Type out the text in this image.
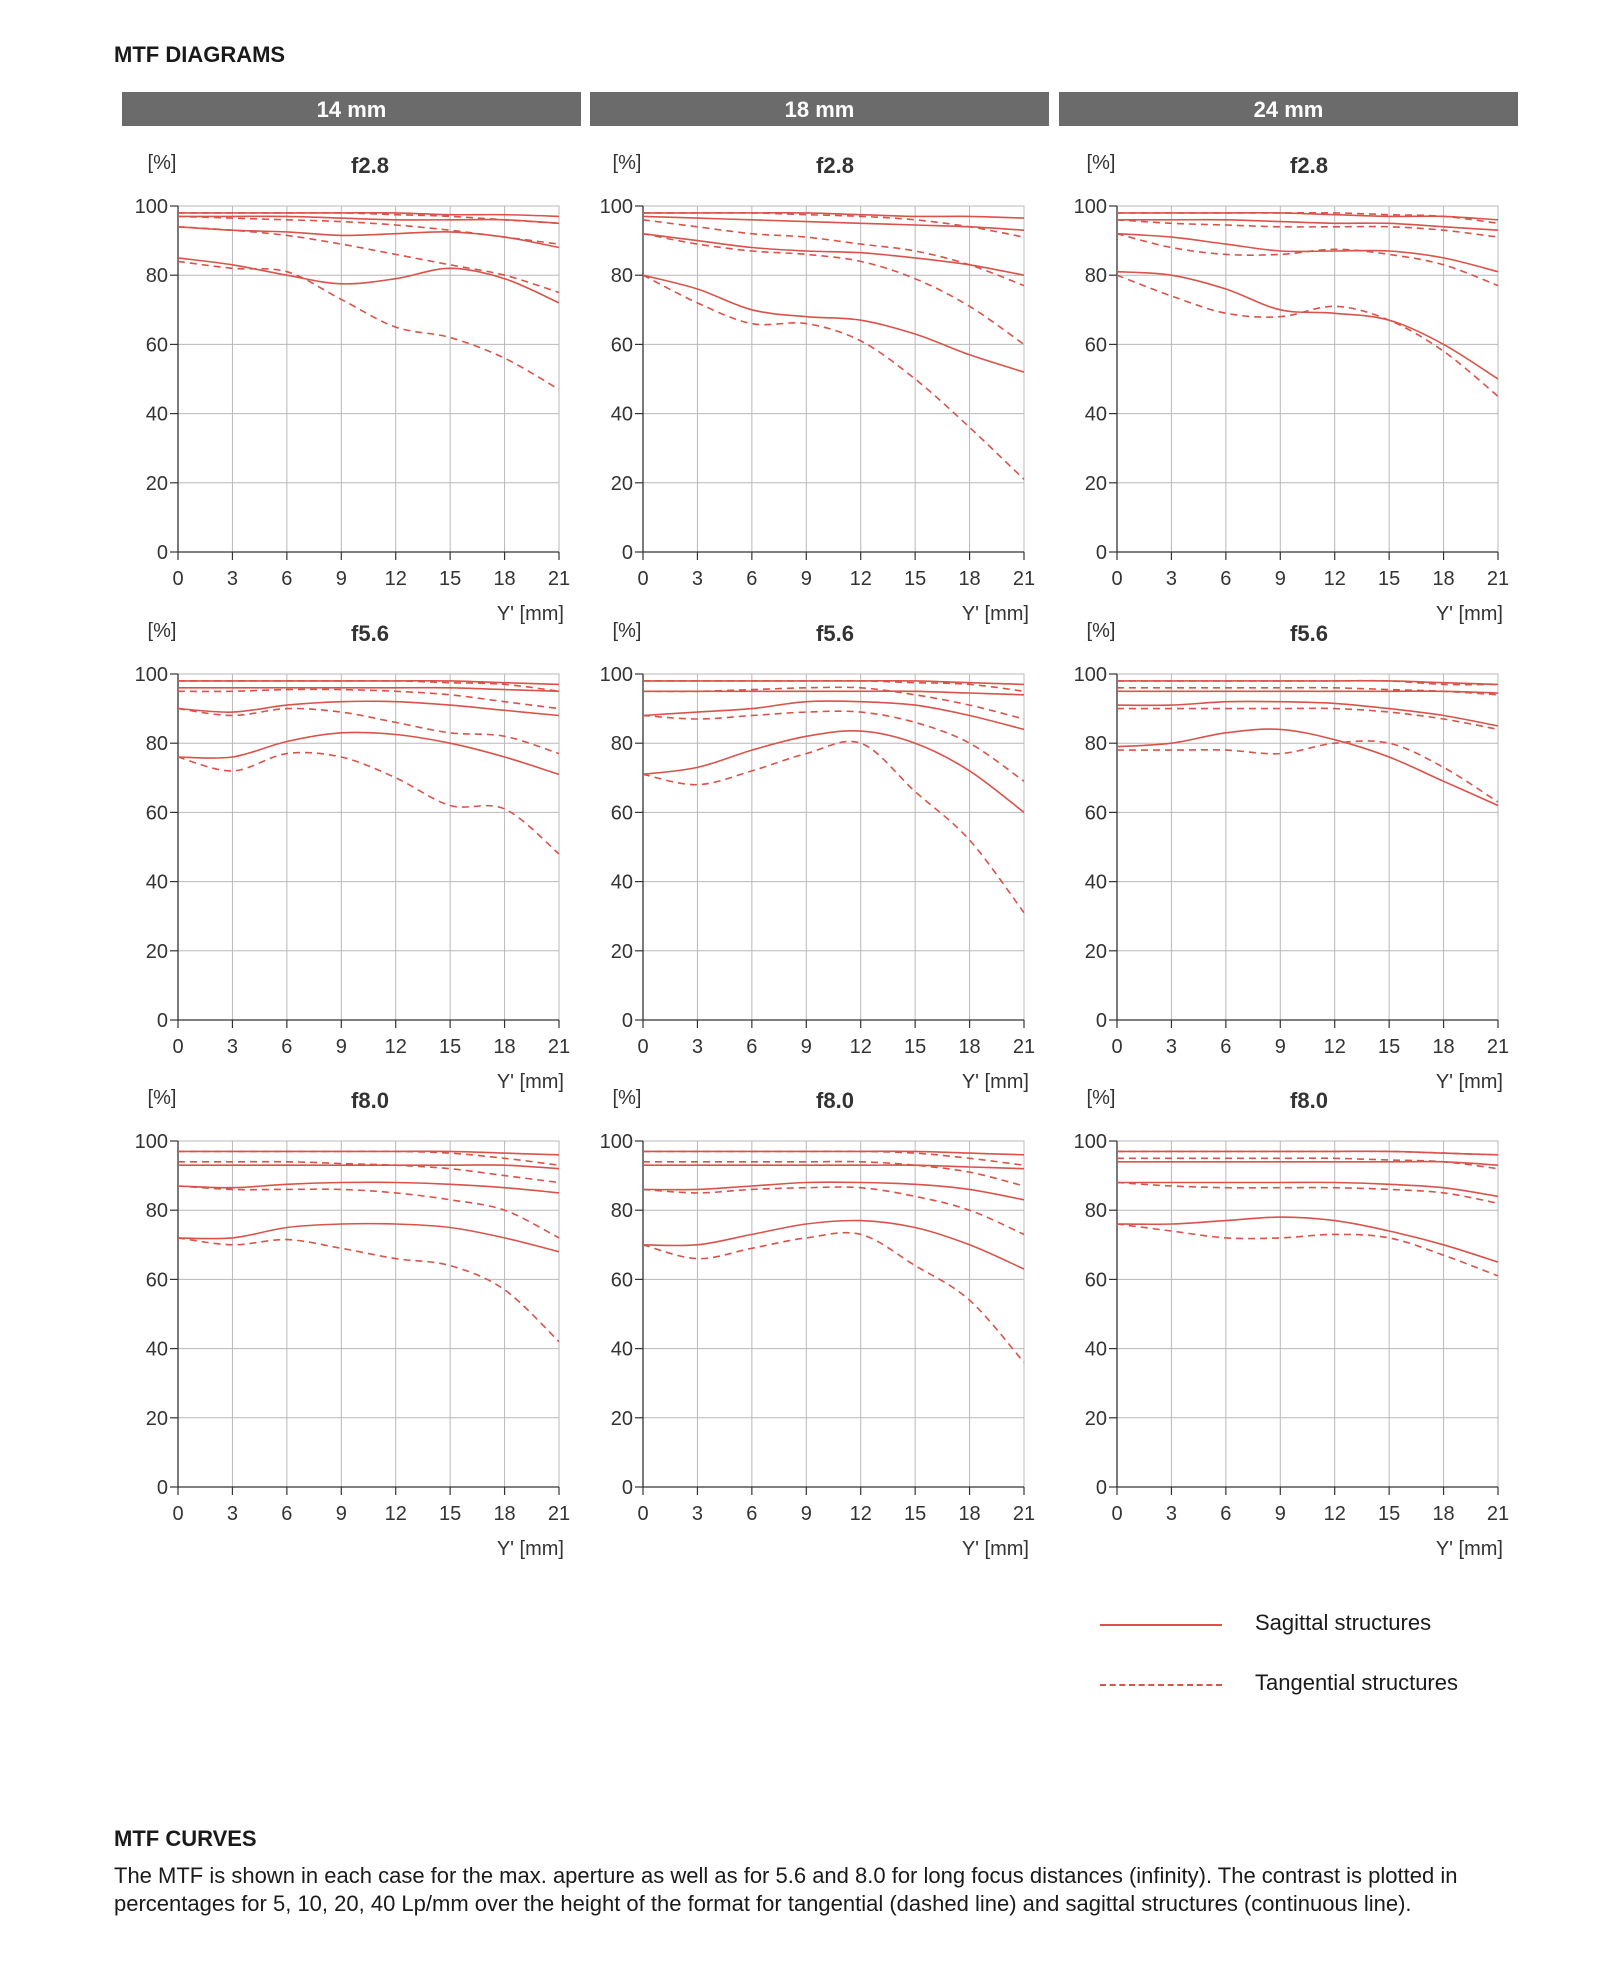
MTF DIAGRAMS
14 mm	18 mm	24 mm
0 3 6 9 12 15 18 21
0
20
40
60
80
100
[%]	f2.8
Y' [mm]
0 3 6 9 12 15 18 21
0
20
40
60
80
100
[%]	f2.8
Y' [mm]
0 3 6 9 12 15 18 21
0
20
40
60
80
100
[%]	f2.8
Y' [mm]
0 3 6 9 12 15 18 21
0
20
40
60
80
100
[%]	f5.6
Y' [mm]
0 3 6 9 12 15 18 21
0
20
40
60
80
100
[%]	f5.6
Y' [mm]
0 3 6 9 12 15 18 21
0
20
40
60
80
100
[%]	f5.6
Y' [mm]
0 3 6 9 12 15 18 21
0
20
40
60
80
100
[%]	f8.0
Y' [mm]
0 3 6 9 12 15 18 21
0
20
40
60
80
100
[%]	f8.0
Y' [mm]
0 3 6 9 12 15 18 21
0
20
40
60
80
100
[%]	f8.0
Y' [mm]
Sagittal structures
Tangential structures
MTF CURVES
The MTF is shown in each case for the max. aperture as well as for 5.6 and 8.0 for long focus distances (infinity). The contrast is plotted in percentages for 5, 10, 20, 40 Lp/mm over the height of the format for tangential (dashed line) and sagittal structures (continuous line).
